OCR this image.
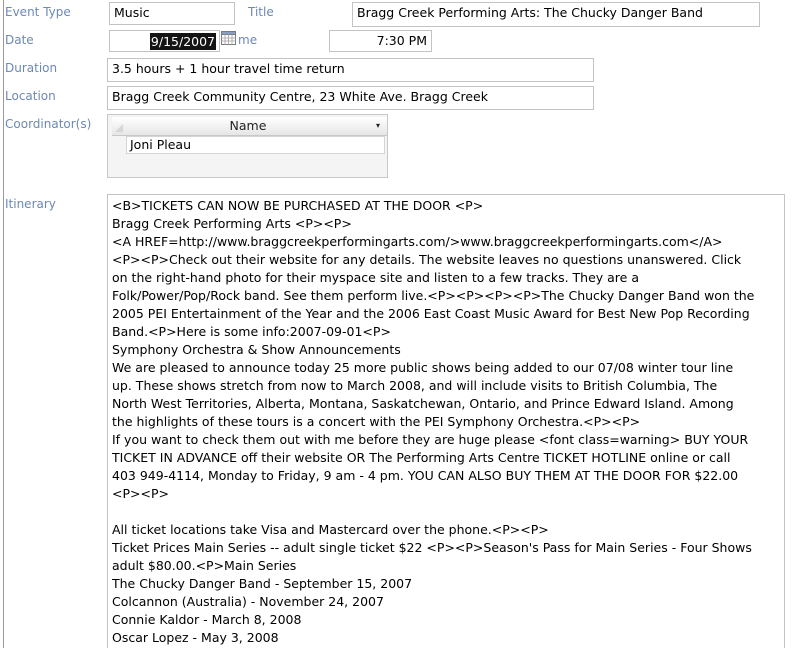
Event Type	Music	Title	Bragg Creek Performing Arts: The Chucky Danger Band
Date	9/15/2007 me	7:30 PM
Duration	3.5 hours + 1 hour travel time return
Location	Bragg Creek Community Centre, 23 White Ave. Bragg Creek
Coordinator(s)	Name	▾
Joni Pleau
Itinerary	<B>TICKETS CAN NOW BE PURCHASED AT THE DOOR <P>
Bragg Creek Performing Arts <P><P>
<A HREF=http://www.braggcreekperformingarts.com/>www.braggcreekperformingarts.com</A>
<P><P>Check out their website for any details. The website leaves no questions unanswered. Click
on the right-hand photo for their myspace site and listen to a few tracks. They are a
Folk/Power/Pop/Rock band. See them perform live.<P><P><P><P>The Chucky Danger Band won the
2005 PEI Entertainment of the Year and the 2006 East Coast Music Award for Best New Pop Recording
Band.<P>Here is some info:2007-09-01<P>
Symphony Orchestra & Show Announcements
We are pleased to announce today 25 more public shows being added to our 07/08 winter tour line
up. These shows stretch from now to March 2008, and will include visits to British Columbia, The
North West Territories, Alberta, Montana, Saskatchewan, Ontario, and Prince Edward Island. Among
the highlights of these tours is a concert with the PEI Symphony Orchestra.<P><P>
If you want to check them out with me before they are huge please <font class=warning> BUY YOUR
TICKET IN ADVANCE off their website OR The Performing Arts Centre TICKET HOTLINE online or call
403 949-4114, Monday to Friday, 9 am - 4 pm. YOU CAN ALSO BUY THEM AT THE DOOR FOR $22.00
<P><P>
All ticket locations take Visa and Mastercard over the phone.<P><P>
Ticket Prices Main Series -- adult single ticket $22 <P><P>Season's Pass for Main Series - Four Shows
adult $80.00.<P>Main Series
The Chucky Danger Band - September 15, 2007
Colcannon (Australia) - November 24, 2007
Connie Kaldor - March 8, 2008
Oscar Lopez - May 3, 2008
